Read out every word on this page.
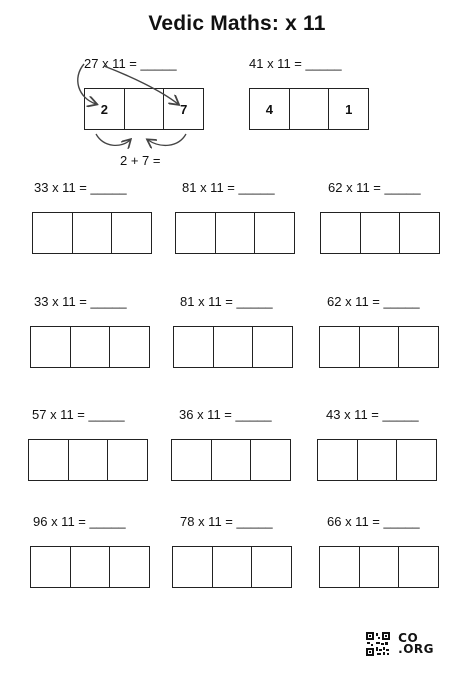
Vedic Maths: x 11
27 x 11 = _____
2	7
2 + 7 =
41 x 11 = _____
4	1
33 x 11 = _____	81 x 11 = _____	62 x 11 = _____
33 x 11 = _____	81 x 11 = _____	62 x 11 = _____
57 x 11 = _____	36 x 11 = _____	43 x 11 = _____
96 x 11 = _____	78 x 11 = _____	66 x 11 = _____
CO
.ORG
